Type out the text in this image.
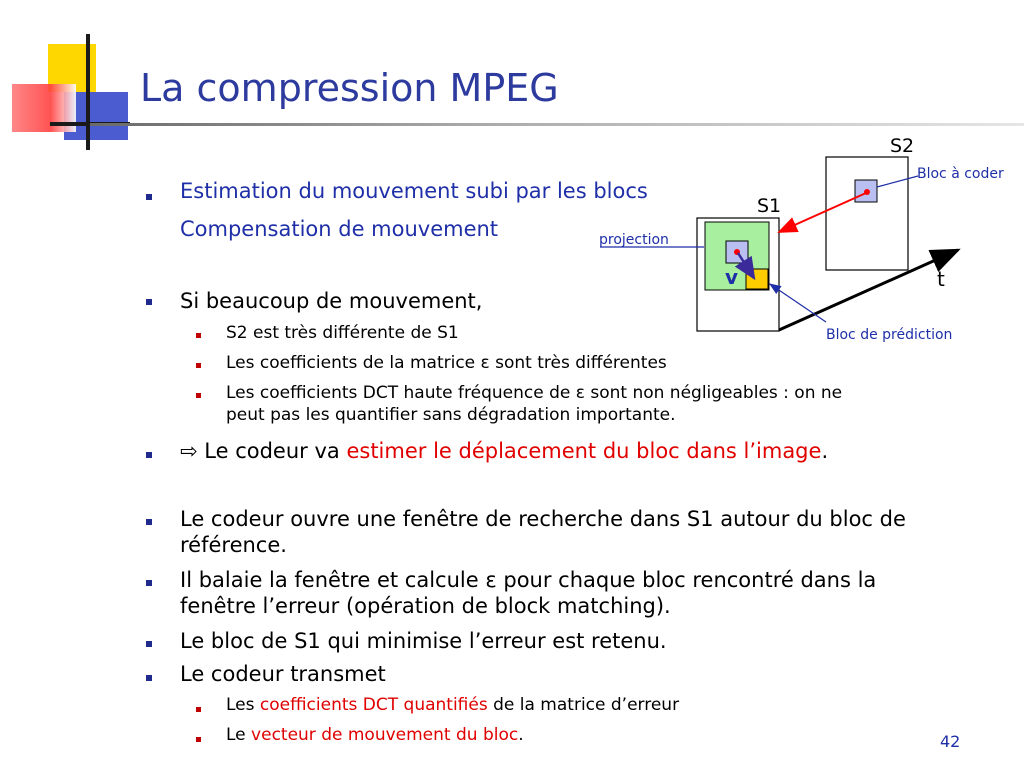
La compression MPEG
Estimation du mouvement subi par les blocs
Compensation de mouvement
Si beaucoup de mouvement,
S2 est très différente de S1
Les coefficients de la matrice ε sont très différentes
Les coefficients DCT haute fréquence de ε sont non négligeables : on ne
peut pas les quantifier sans dégradation importante.
⇨ Le codeur va estimer le déplacement du bloc dans l’image.
Le codeur ouvre une fenêtre de recherche dans S1 autour du bloc de
référence.
Il balaie la fenêtre et calcule ε pour chaque bloc rencontré dans la
fenêtre l’erreur (opération de block matching).
Le bloc de S1 qui minimise l’erreur est retenu.
Le codeur transmet
Les coefficients DCT quantifiés de la matrice d’erreur
Le vecteur de mouvement du bloc.
t
S2
Bloc à coder
S1
v
projection
Bloc de prédiction
42
